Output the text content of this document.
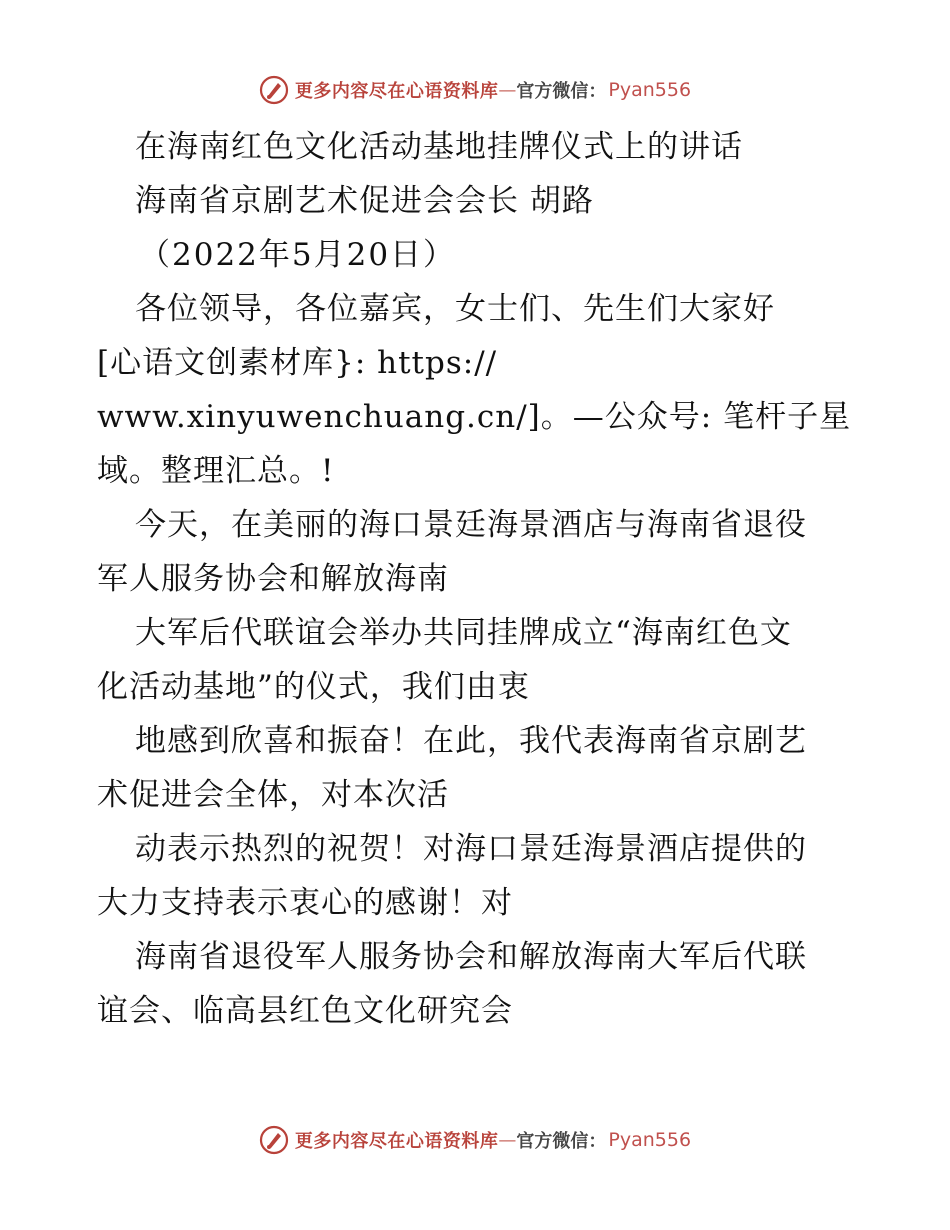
更多内容尽在心语资料库 — 官方微信： Pyan556
在海南红色文化活动基地挂牌仪式上的讲话
海南省京剧艺术促进会会长 胡路
（2022年5月20日）
各位领导，各位嘉宾，女士们、先生们大家好
[心语文创素材库}: https://
www.xinyuwenchuang.cn/]。—公众号: 笔杆子星
域。整理汇总。!
今天，在美丽的海口景廷海景酒店与海南省退役
军人服务协会和解放海南
大军后代联谊会举办共同挂牌成立“海南红色文
化活动基地”的仪式，我们由衷
地感到欣喜和振奋！在此，我代表海南省京剧艺
术促进会全体，对本次活
动表示热烈的祝贺！对海口景廷海景酒店提供的
大力支持表示衷心的感谢！对
海南省退役军人服务协会和解放海南大军后代联
谊会、临高县红色文化研究会
更多内容尽在心语资料库 — 官方微信： Pyan556
